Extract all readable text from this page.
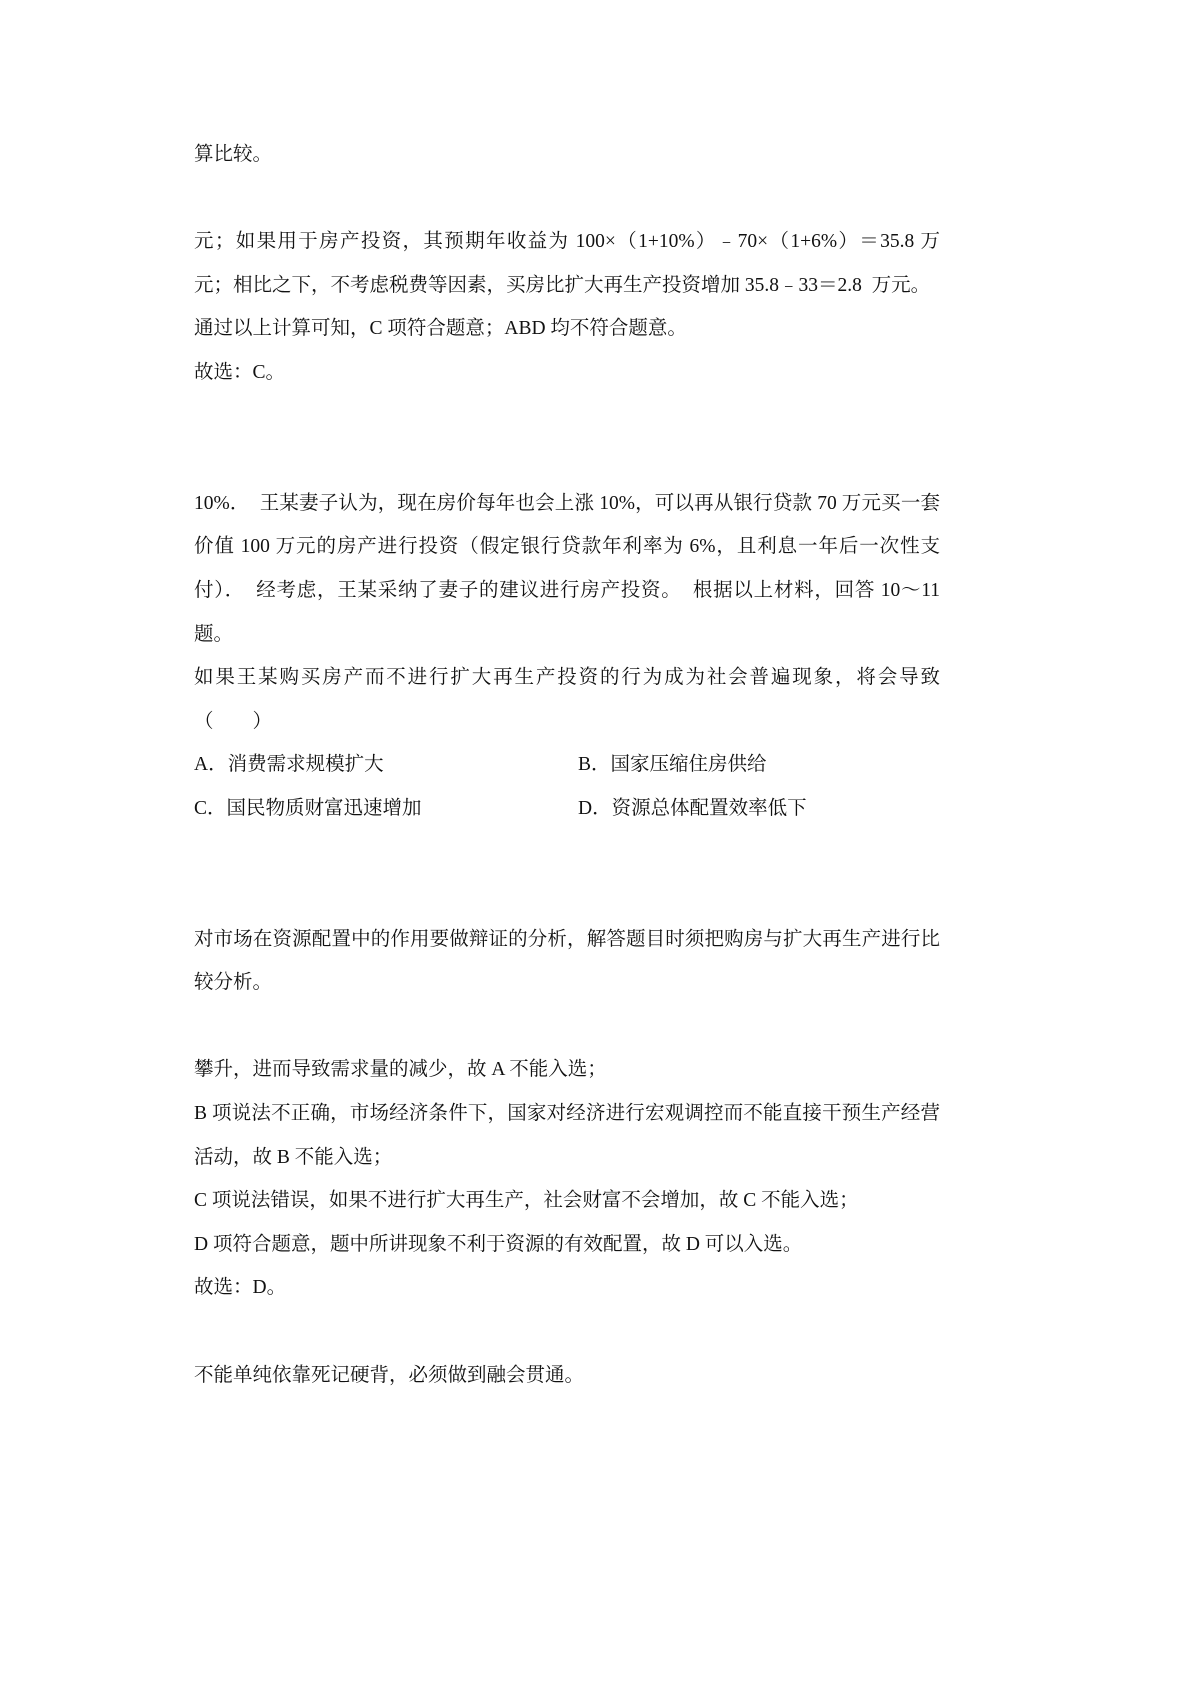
算比较。

元；如果用于房产投资，其预期年收益为 100×（1+10%）﹣70×（1+6%）＝35.8 万
元；相比之下，不考虑税费等因素，买房比扩大再生产投资增加 35.8﹣33＝2.8  万元。
通过以上计算可知，C 项符合题意；ABD 均不符合题意。
故选：C。

10%．  王某妻子认为，现在房价每年也会上涨 10%，可以再从银行贷款 70 万元买一套
价值 100 万元的房产进行投资（假定银行贷款年利率为 6%，且利息一年后一次性支
付）．  经考虑，王某采纳了妻子的建议进行房产投资。  根据以上材料，回答 10～11
题。
如果王某购买房产而不进行扩大再生产投资的行为成为社会普遍现象，将会导致
（　　）

A．消费需求规模扩大

	B．国家压缩住房供给

C．国民物质财富迅速增加

	D．资源总体配置效率低下

对市场在资源配置中的作用要做辩证的分析，解答题目时须把购房与扩大再生产进行比
较分析。

攀升，进而导致需求量的减少，故 A 不能入选；
B 项说法不正确，市场经济条件下，国家对经济进行宏观调控而不能直接干预生产经营
活动，故 B 不能入选；
C 项说法错误，如果不进行扩大再生产，社会财富不会增加，故 C 不能入选；
D 项符合题意，题中所讲现象不利于资源的有效配置，故 D 可以入选。
故选：D。

不能单纯依靠死记硬背，必须做到融会贯通。
